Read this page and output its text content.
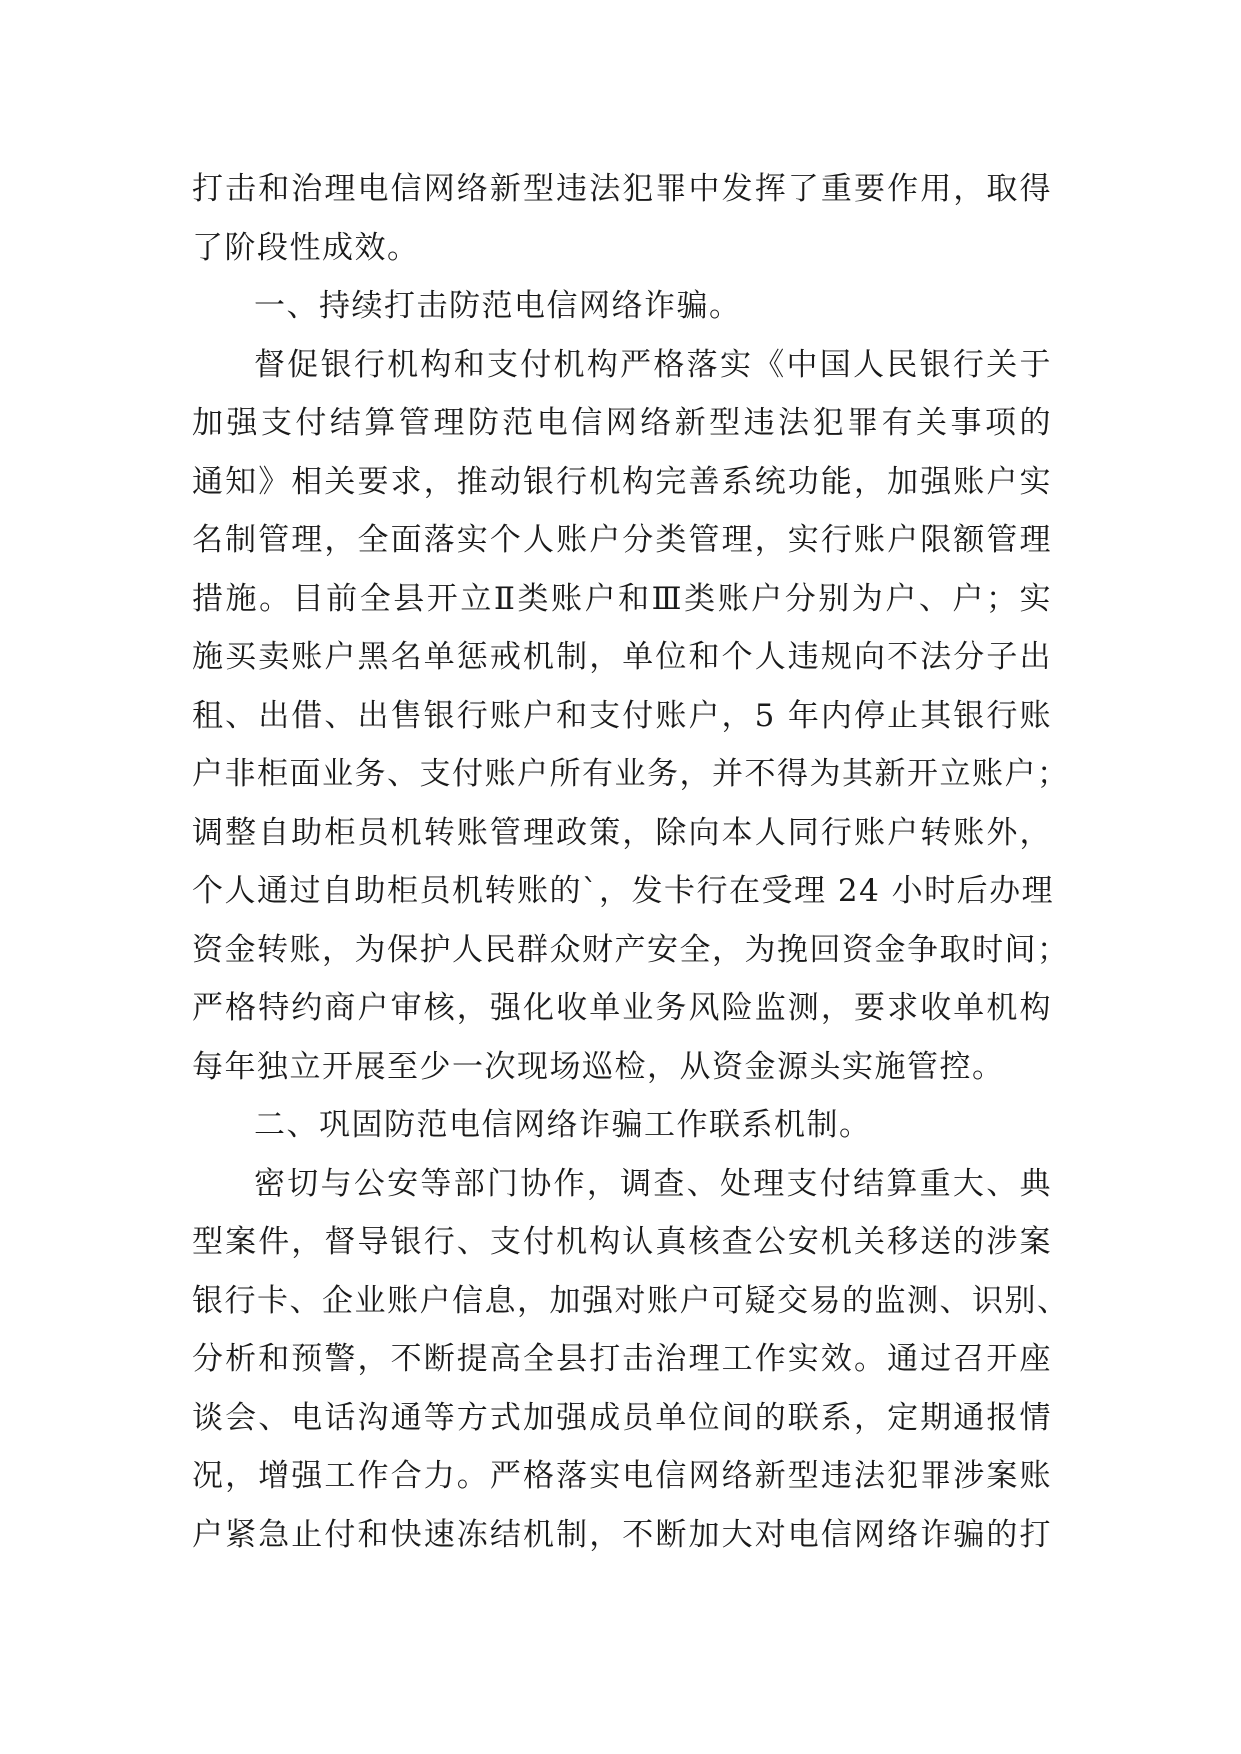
打击和治理电信网络新型违法犯罪中发挥了重要作用，取得
了阶段性成效。
一、持续打击防范电信网络诈骗。
督促银行机构和支付机构严格落实《中国人民银行关于
加强支付结算管理防范电信网络新型违法犯罪有关事项的
通知》相关要求，推动银行机构完善系统功能，加强账户实
名制管理，全面落实个人账户分类管理，实行账户限额管理
措施。目前全县开立Ⅱ类账户和Ⅲ类账户分别为户、户；实
施买卖账户黑名单惩戒机制，单位和个人违规向不法分子出
租、出借、出售银行账户和支付账户，5 年内停止其银行账
户非柜面业务、支付账户所有业务，并不得为其新开立账户；
调整自助柜员机转账管理政策，除向本人同行账户转账外，
个人通过自助柜员机转账的`，发卡行在受理 24 小时后办理
资金转账，为保护人民群众财产安全，为挽回资金争取时间；
严格特约商户审核，强化收单业务风险监测，要求收单机构
每年独立开展至少一次现场巡检，从资金源头实施管控。
二、巩固防范电信网络诈骗工作联系机制。
密切与公安等部门协作，调查、处理支付结算重大、典
型案件，督导银行、支付机构认真核查公安机关移送的涉案
银行卡、企业账户信息，加强对账户可疑交易的监测、识别、
分析和预警，不断提高全县打击治理工作实效。通过召开座
谈会、电话沟通等方式加强成员单位间的联系，定期通报情
况，增强工作合力。严格落实电信网络新型违法犯罪涉案账
户紧急止付和快速冻结机制，不断加大对电信网络诈骗的打
